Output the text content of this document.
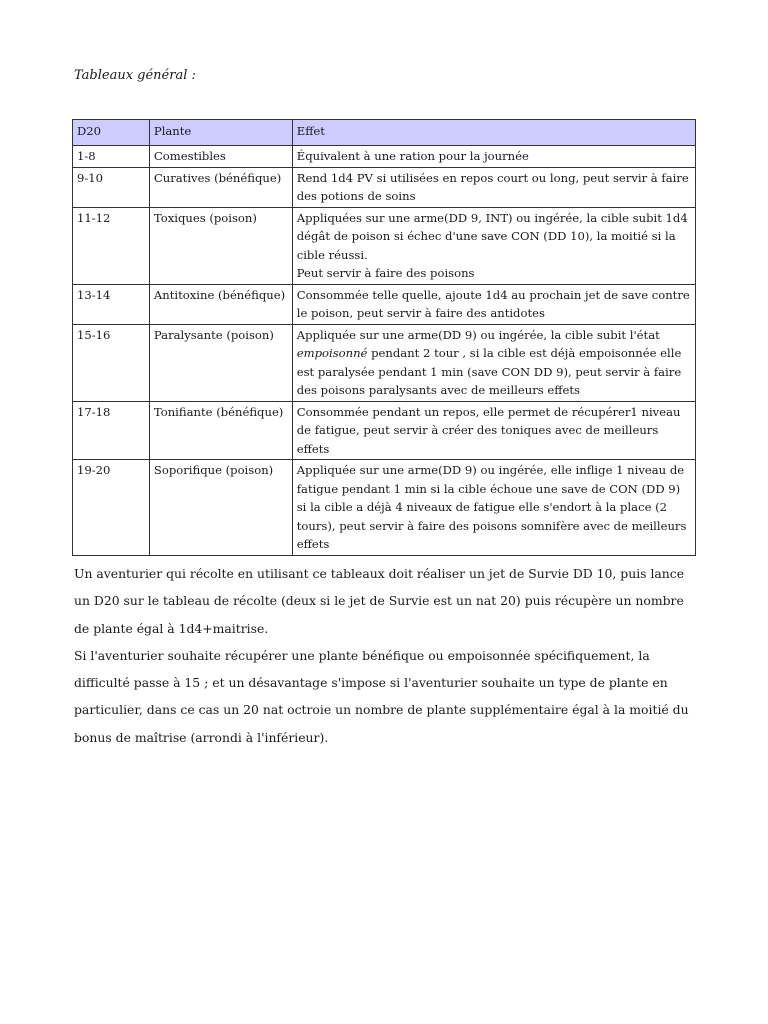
Tableaux général :
D20	Plante	Effet
1-8	Comestibles	Équivalent à une ration pour la journée
9-10	Curatives (bénéfique)	Rend 1d4 PV si utilisées en repos court ou long, peut servir à faire des potions de soins
11-12	Toxiques (poison)	Appliquées sur une arme(DD 9, INT) ou ingérée, la cible subit 1d4 dégât de poison si échec d'une save CON (DD 10), la moitié si la cible réussi.
Peut servir à faire des poisons

13-14	Antitoxine (bénéfique)	Consommée telle quelle, ajoute 1d4 au prochain jet de save contre le poison, peut servir à faire des antidotes
15-16	Paralysante (poison)	Appliquée sur une arme(DD 9) ou ingérée, la cible subit l'état empoisonné pendant 2 tour , si la cible est déjà empoisonnée elle est paralysée pendant 1 min (save CON DD 9), peut servir à faire des poisons paralysants avec de meilleurs effets
17-18	Tonifiante (bénéfique)	Consommée pendant un repos, elle permet de récupérer1 niveau de fatigue, peut servir à créer des toniques avec de meilleurs effets
19-20	Soporifique (poison)	Appliquée sur une arme(DD 9) ou ingérée, elle inflige 1 niveau de fatigue pendant 1 min si la cible échoue une save de CON (DD 9) si la cible a déjà 4 niveaux de fatigue elle s'endort à la place (2 tours), peut servir à faire des poisons somnifère avec de meilleurs effets

Un aventurier qui récolte en utilisant ce tableaux doit réaliser un jet de Survie DD 10, puis lance un D20 sur le tableau de récolte (deux si le jet de Survie est un nat 20) puis récupère un nombre de plante égal à 1d4+maitrise.

Si l'aventurier souhaite récupérer une plante bénéfique ou empoisonnée spécifiquement, la difficulté passe à 15 ; et un désavantage s'impose si l'aventurier souhaite un type de plante en particulier, dans ce cas un 20 nat octroie un nombre de plante supplémentaire égal à la moitié du bonus de maîtrise (arrondi à l'inférieur).
